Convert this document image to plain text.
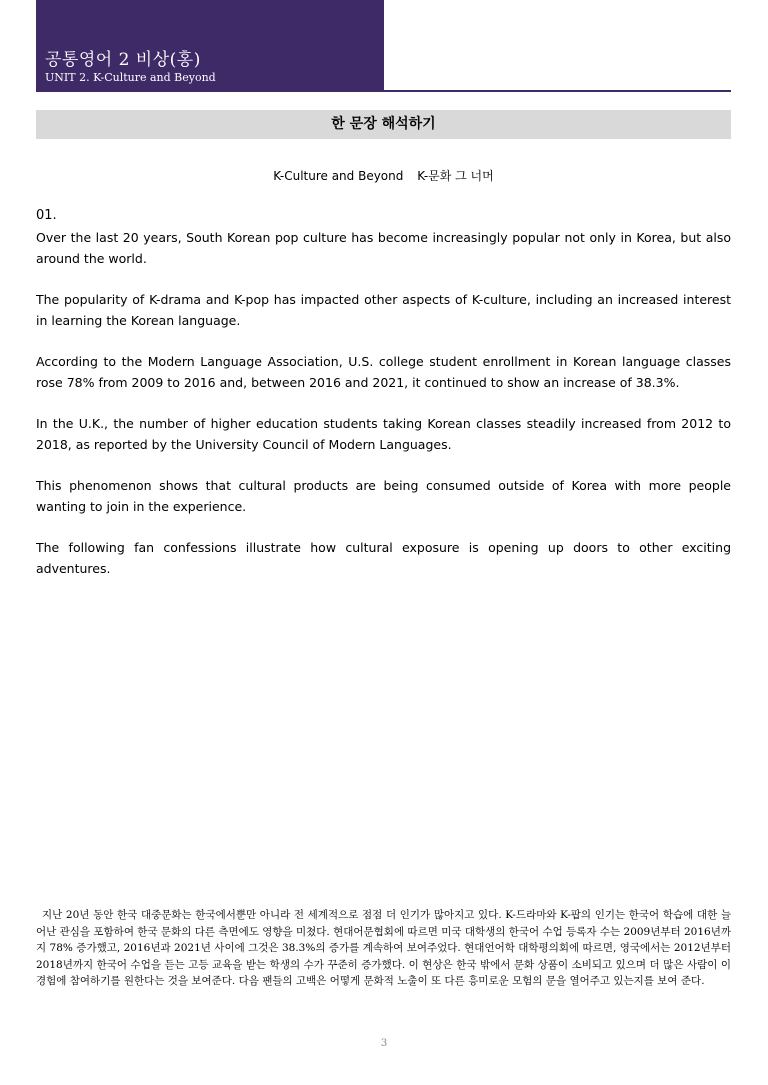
공통영어 2 비상(홍)
UNIT 2. K-Culture and Beyond
한 문장 해석하기
K-Culture and Beyond K-문화 그 너머
01.

Over the last 20 years, South Korean pop culture has become increasingly popular not only in Korea, but also around the world.

The popularity of K-drama and K-pop has impacted other aspects of K-culture, including an increased interest in learning the Korean language.

According to the Modern Language Association, U.S. college student enrollment in Korean language classes rose 78% from 2009 to 2016 and, between 2016 and 2021, it continued to show an increase of 38.3%.

In the U.K., the number of higher education students taking Korean classes steadily increased from 2012 to 2018, as reported by the University Council of Modern Languages.

This phenomenon shows that cultural products are being consumed outside of Korea with more people wanting to join in the experience.

The following fan confessions illustrate how cultural exposure is opening up doors to other exciting adventures.

지난 20년 동안 한국 대중문화는 한국에서뿐만 아니라 전 세계적으로 점점 더 인기가 많아지고 있다. K-드라마와 K-팝의 인기는 한국어 학습에 대한 늘어난 관심을 포함하여 한국 문화의 다른 측면에도 영향을 미쳤다. 현대어문협회에 따르면 미국 대학생의 한국어 수업 등록자 수는 2009년부터 2016년까지 78% 증가했고, 2016년과 2021년 사이에 그것은 38.3%의 증가를 계속하여 보여주었다. 현대언어학 대학평의회에 따르면, 영국에서는 2012년부터 2018년까지 한국어 수업을 듣는 고등 교육을 받는 학생의 수가 꾸준히 증가했다. 이 현상은 한국 밖에서 문화 상품이 소비되고 있으며 더 많은 사람이 이 경험에 참여하기를 원한다는 것을 보여준다. 다음 팬들의 고백은 어떻게 문화적 노출이 또 다른 흥미로운 모험의 문을 열어주고 있는지를 보여 준다.
3
